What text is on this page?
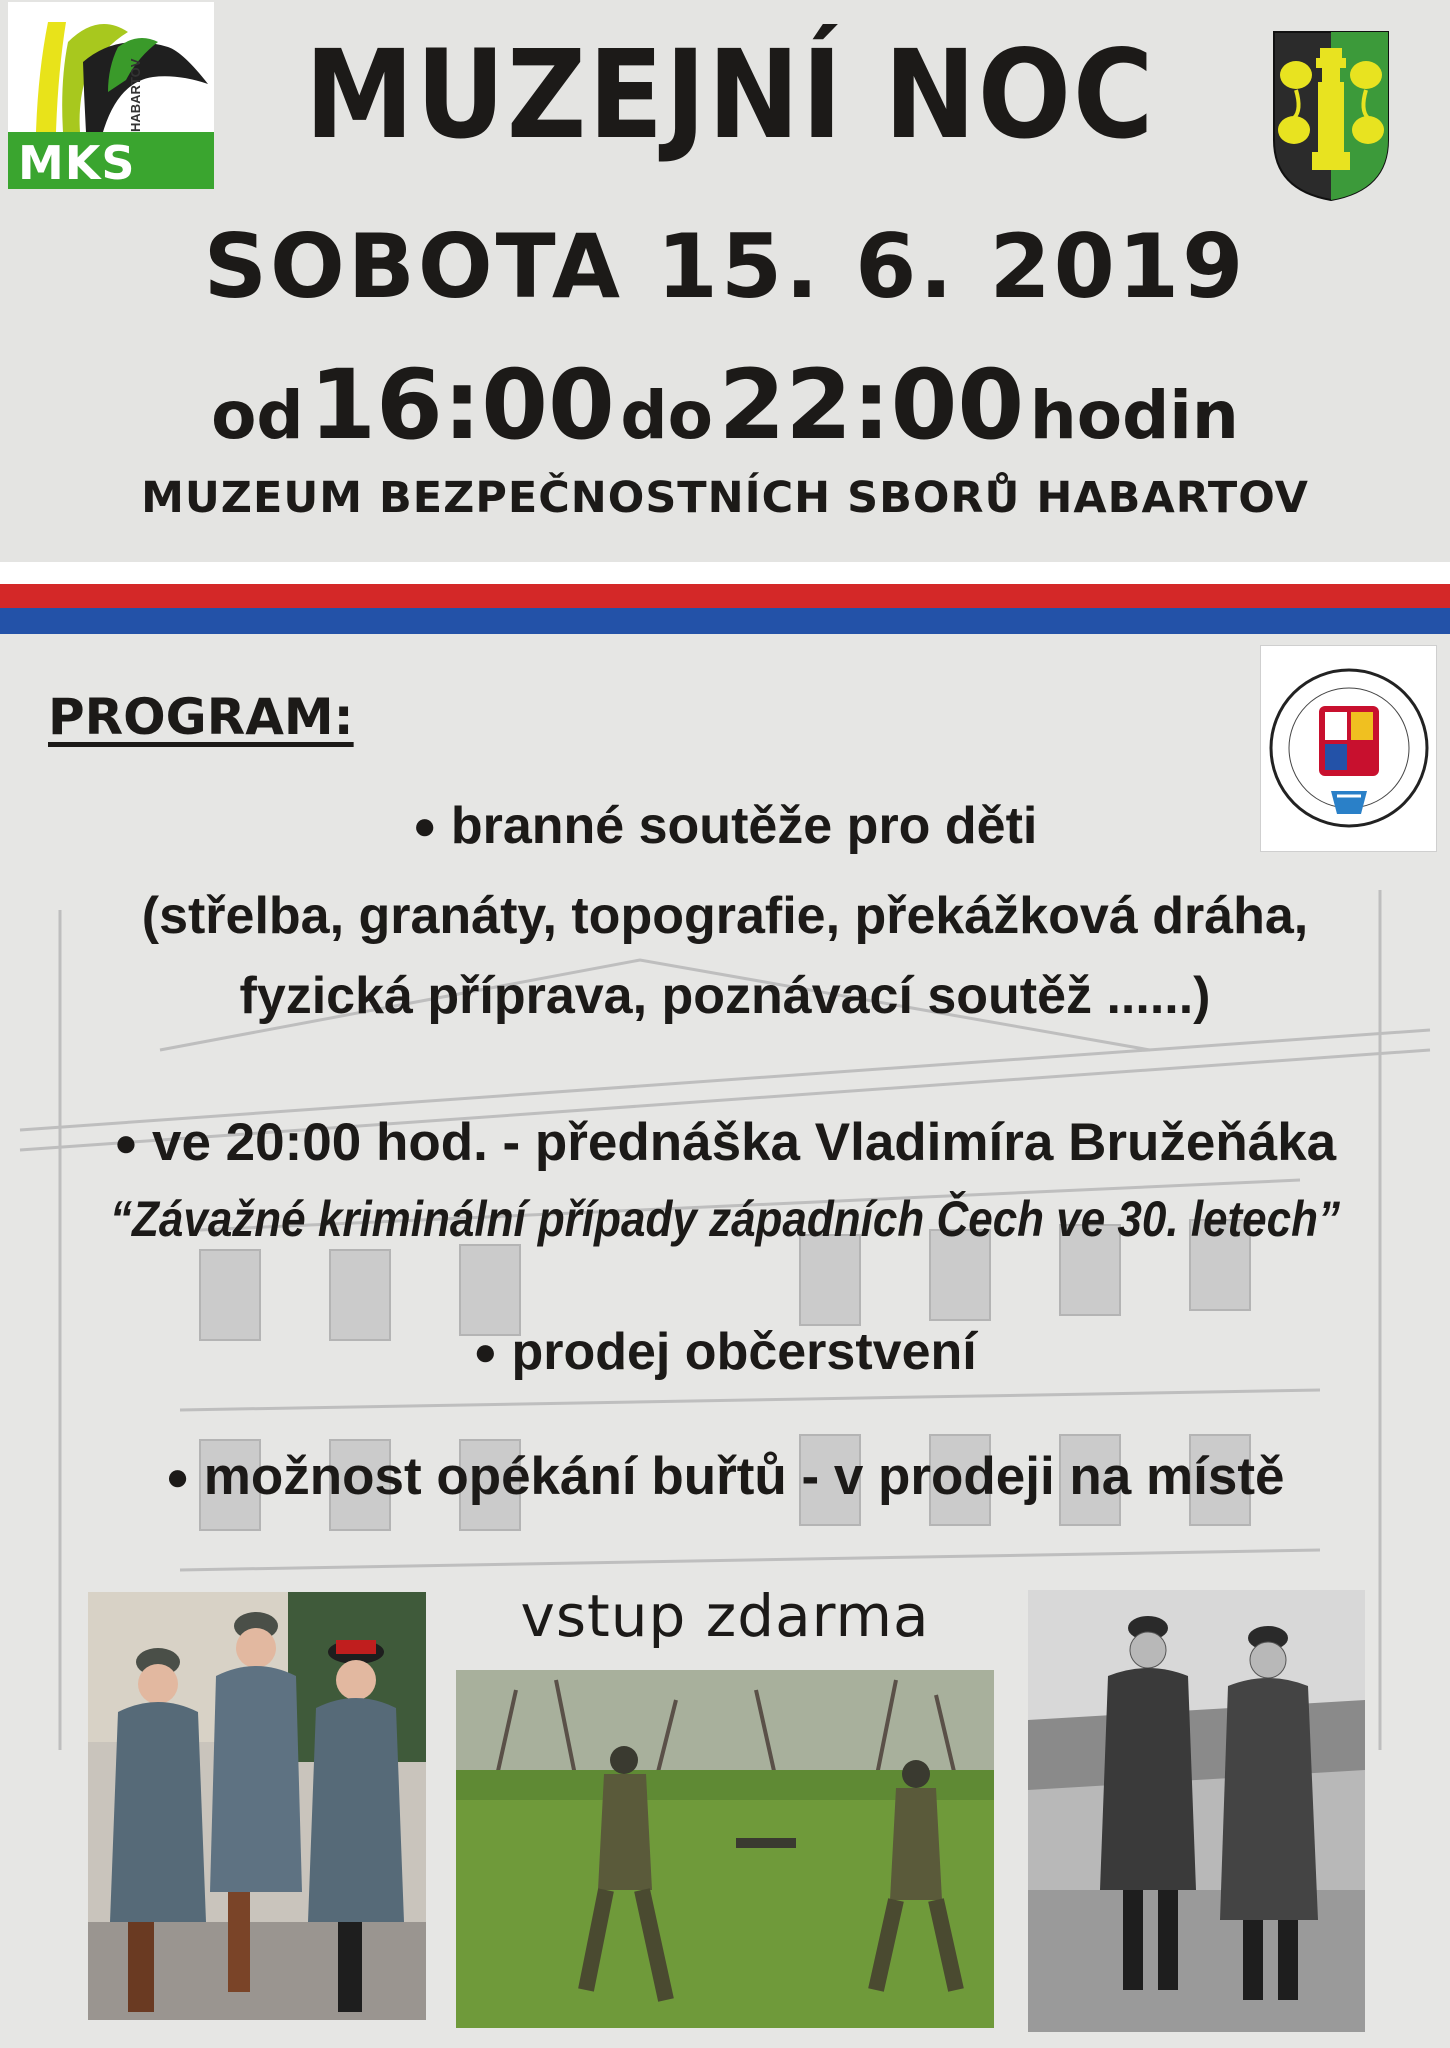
MKS
HABARTOV MUZEJNÍ NOC
SOBOTA 15. 6. 2019
od 16:00 do 22:00 hodin
MUZEUM BEZPEČNOSTNÍCH SBORŮ HABARTOV
PROGRAM:
● branné soutěže pro děti
(střelba, granáty, topografie, překážková dráha,
fyzická příprava, poznávací soutěž ......)
● ve 20:00 hod. - přednáška Vladimíra Bružeňáka
“Závažné kriminální případy západních Čech ve 30. letech”
● prodej občerstvení
● možnost opékání buřtů - v prodeji na místě
vstup zdarma
